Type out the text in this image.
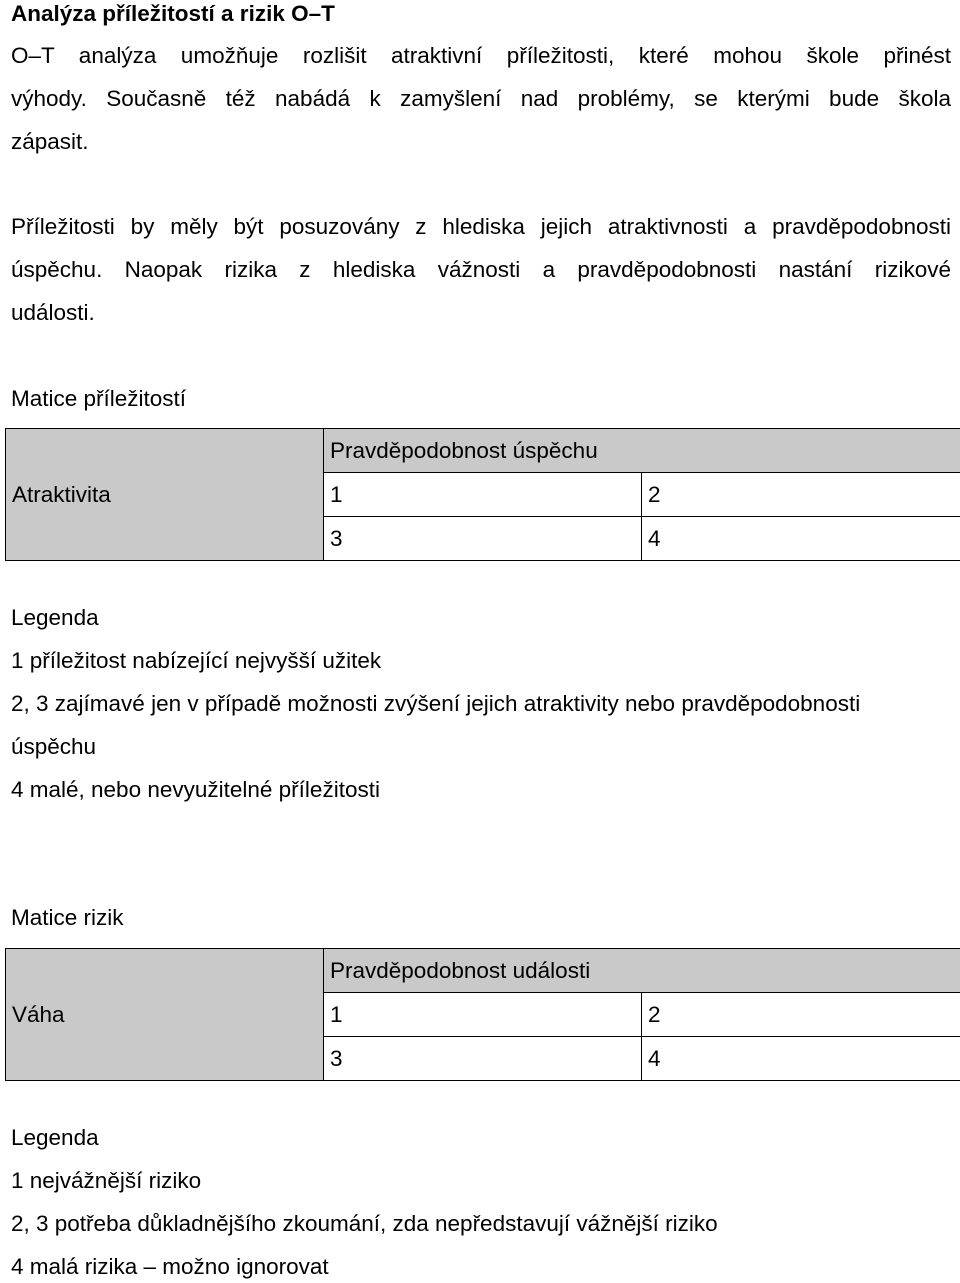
Analýza příležitostí a rizik O–T
O–T analýza umožňuje rozlišit atraktivní příležitosti, které mohou škole přinést
výhody. Současně též nabádá k zamyšlení nad problémy, se kterými bude škola
zápasit.
Příležitosti by měly být posuzovány z hlediska jejich atraktivnosti a pravděpodobnosti
úspěchu. Naopak rizika z hlediska vážnosti a pravděpodobnosti nastání rizikové
události.
Matice příležitostí
Atraktivita	Pravděpodobnost úspěchu	
	1	2
	3	4
Legenda
1 příležitost nabízející nejvyšší užitek
2, 3 zajímavé jen v případě možnosti zvýšení jejich atraktivity nebo pravděpodobnosti
úspěchu
4 malé, nebo nevyužitelné příležitosti
Matice rizik
Váha	Pravděpodobnost události	
	1	2
	3	4
Legenda
1 nejvážnější riziko
2, 3 potřeba důkladnějšího zkoumání, zda nepředstavují vážnější riziko
4 malá rizika – možno ignorovat
